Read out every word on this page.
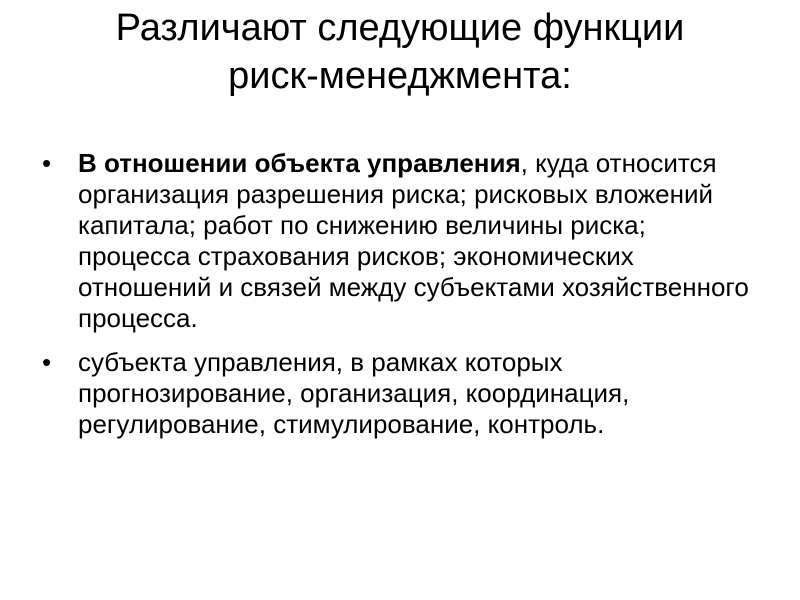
Различают следующие функции
риск-менеджмента:
• В отношении объекта управления, куда относится организация разрешения риска; рисковых вложений капитала; работ по снижению величины риска; процесса страхования рисков; экономических отношений и связей между субъектами хозяйственного процесса.
• субъекта управления, в рамках которых прогнозирование, организация, координация, регулирование, стимулирование, контроль.
